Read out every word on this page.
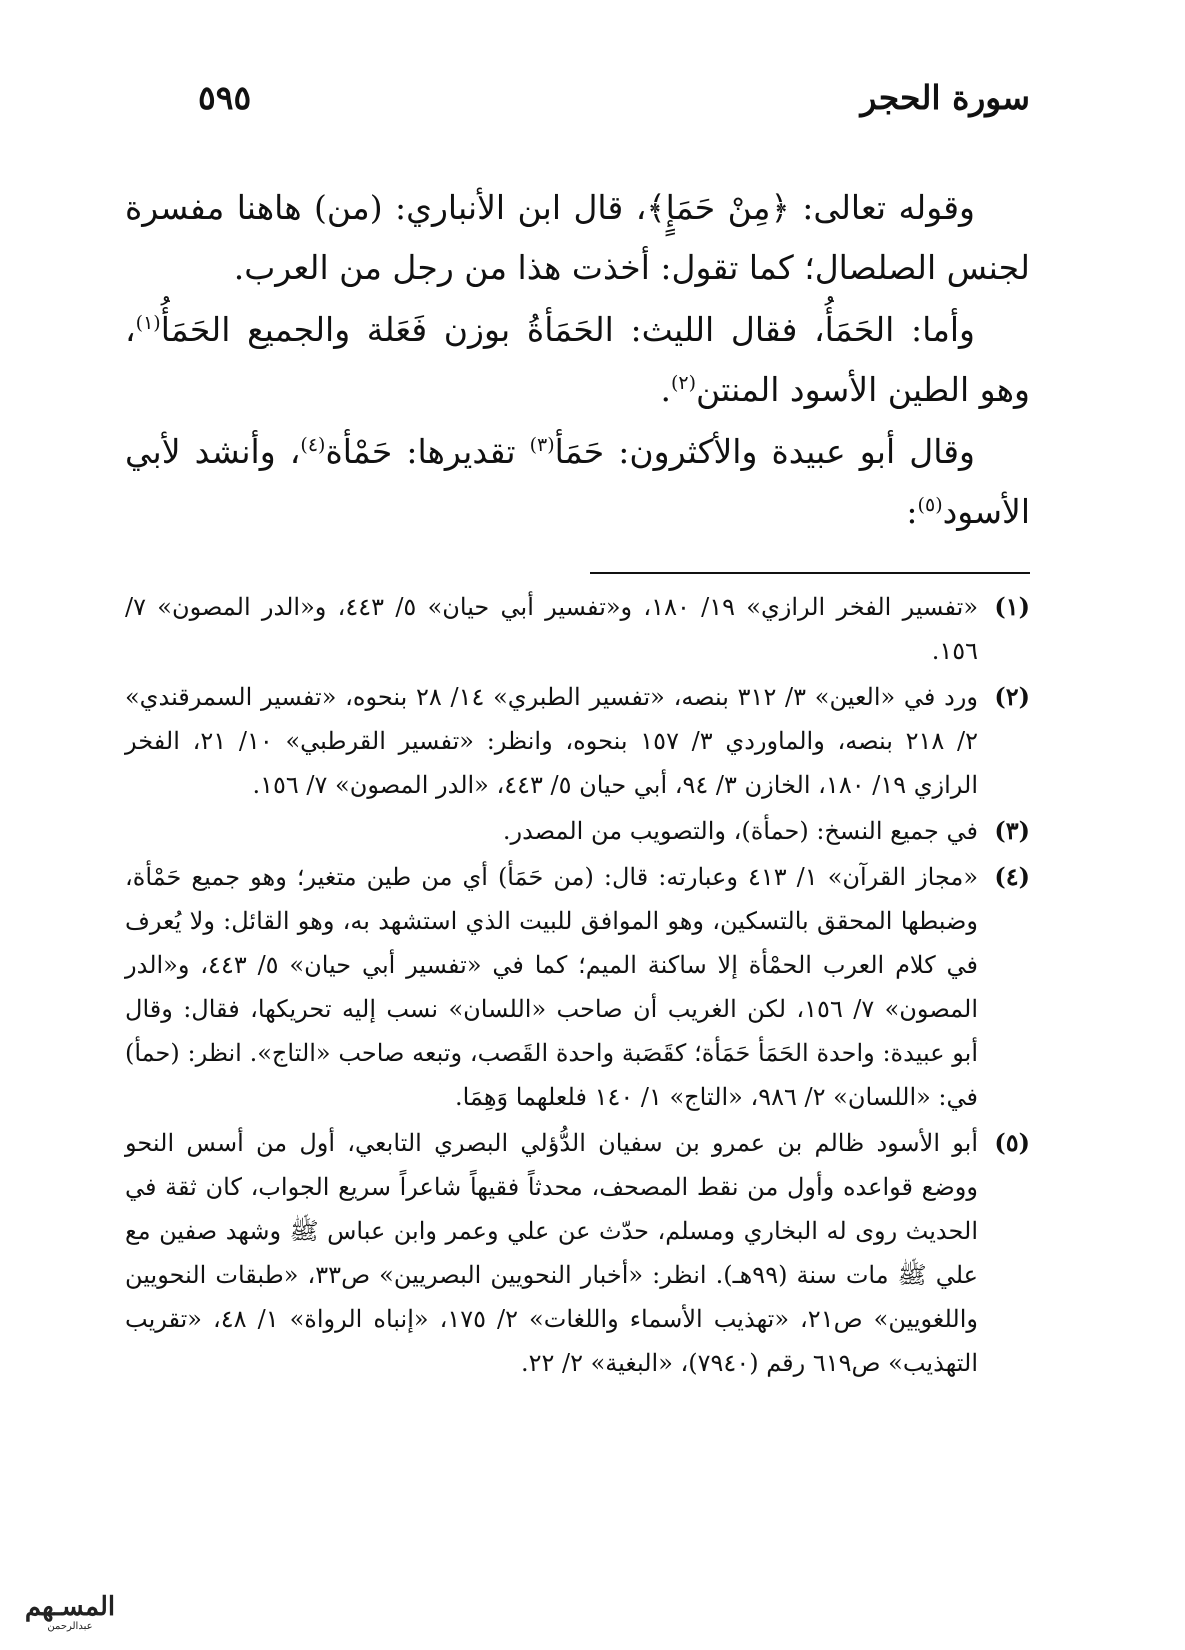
سورة الحجر
٥٩٥

وقوله تعالى: ﴿مِنْ حَمَإٍ﴾، قال ابن الأنباري: (من) هاهنا مفسرة لجنس الصلصال؛ كما تقول: أخذت هذا من رجل من العرب.

وأما: الحَمَأُ، فقال الليث: الحَمَأةُ بوزن فَعَلة والجميع الحَمَأُ$^{(١)}$، وهو الطين الأسود المنتن$^{(٢)}$.

وقال أبو عبيدة والأكثرون: حَمَأ$^{(٣)}$ تقديرها: حَمْأة$^{(٤)}$، وأنشد لأبي الأسود$^{(٥)}$:

(١)
«تفسير الفخر الرازي» ١٩/ ١٨٠، و«تفسير أبي حيان» ٥/ ٤٤٣، و«الدر المصون» ٧/ ١٥٦.
(٢)
ورد في «العين» ٣/ ٣١٢ بنصه، «تفسير الطبري» ١٤/ ٢٨ بنحوه، «تفسير السمرقندي» ٢/ ٢١٨ بنصه، والماوردي ٣/ ١٥٧ بنحوه، وانظر: «تفسير القرطبي» ١٠/ ٢١، الفخر الرازي ١٩/ ١٨٠، الخازن ٣/ ٩٤، أبي حيان ٥/ ٤٤٣، «الدر المصون» ٧/ ١٥٦.
(٣)
في جميع النسخ: (حمأة)، والتصويب من المصدر.
(٤)
«مجاز القرآن» ١/ ٤١٣ وعبارته: قال: (من حَمَأ) أي من طين متغير؛ وهو جميع حَمْأة، وضبطها المحقق بالتسكين، وهو الموافق للبيت الذي استشهد به، وهو القائل: ولا يُعرف في كلام العرب الحمْأة إلا ساكنة الميم؛ كما في «تفسير أبي حيان» ٥/ ٤٤٣، و«الدر المصون» ٧/ ١٥٦، لكن الغريب أن صاحب «اللسان» نسب إليه تحريكها، فقال: وقال أبو عبيدة: واحدة الحَمَأ حَمَأة؛ كقَصَبة واحدة القَصب، وتبعه صاحب «التاج». انظر: (حمأ) في: «اللسان» ٢/ ٩٨٦، «التاج» ١/ ١٤٠ فلعلهما وَهِمَا.
(٥)
أبو الأسود ظالم بن عمرو بن سفيان الدُّؤلي البصري التابعي، أول من أسس النحو ووضع قواعده وأول من نقط المصحف، محدثاً فقيهاً شاعراً سريع الجواب، كان ثقة في الحديث روى له البخاري ومسلم، حدّث عن علي وعمر وابن عباس ﷺ وشهد صفين مع علي ﷺ مات سنة (٩٩هـ). انظر: «أخبار النحويين البصريين» ص٣٣، «طبقات النحويين واللغويين» ص٢١، «تهذيب الأسماء واللغات» ٢/ ١٧٥، «إنباه الرواة» ١/ ٤٨، «تقريب التهذيب» ص٦١٩ رقم (٧٩٤٠)، «البغية» ٢/ ٢٢.
المسـهم
عبدالرحمن
